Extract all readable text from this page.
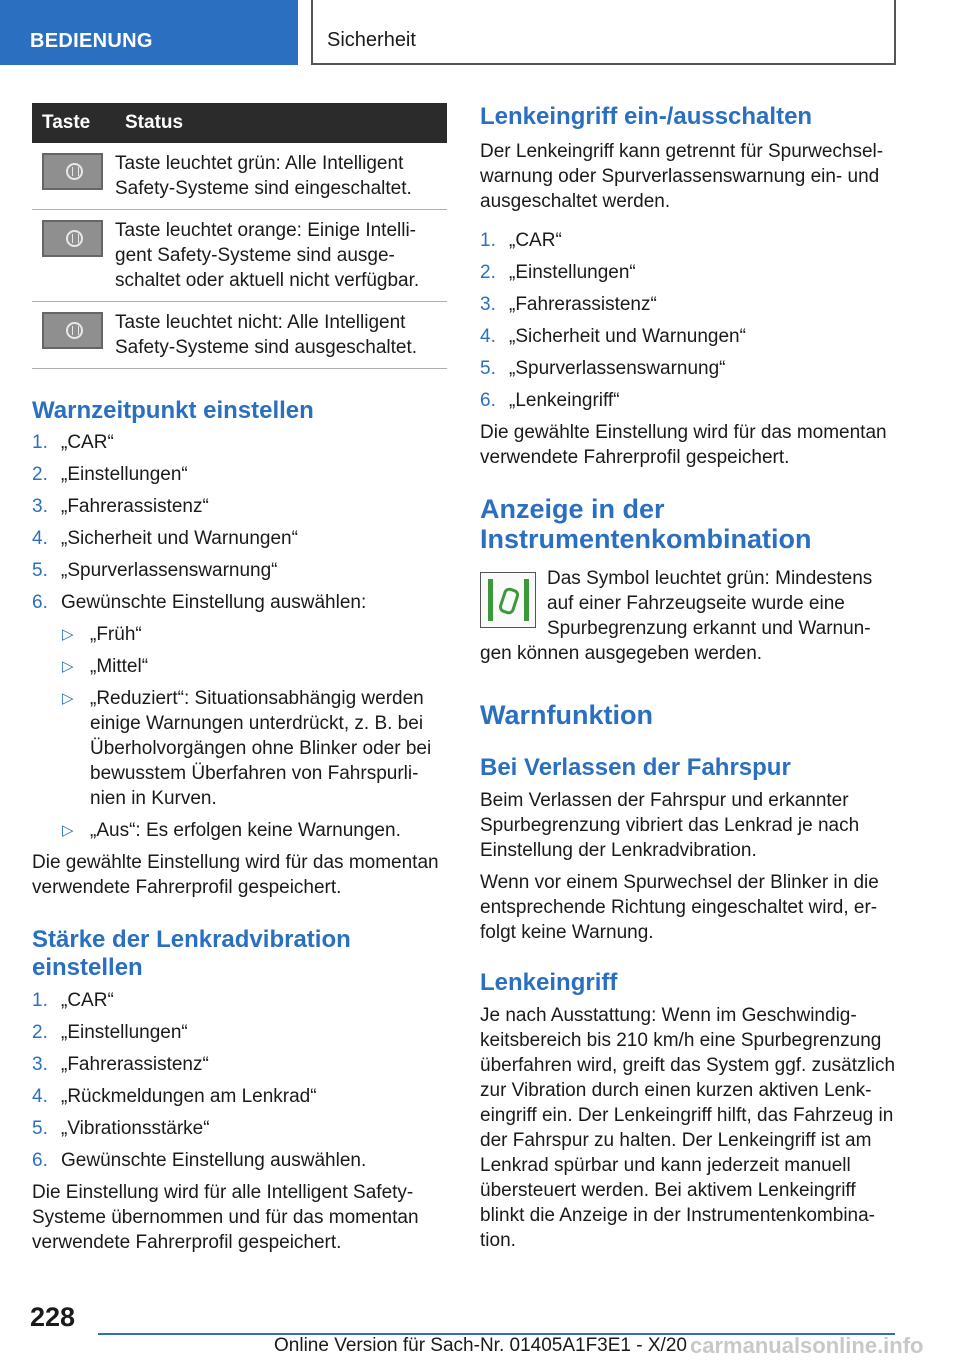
BEDIENUNG	Sicherheit
Taste	Status

	Taste leuchtet grün: Alle Intelligent Safety-Systeme sind eingeschaltet.

	Taste leuchtet orange: Einige Intelli-gent Safety-Systeme sind ausge-schaltet oder aktuell nicht verfügbar.

	Taste leuchtet nicht: Alle Intelligent Safety-Systeme sind ausgeschaltet.
Warnzeitpunkt einstellen
1. „CAR“
2. „Einstellungen“
3. „Fahrerassistenz“
4. „Sicherheit und Warnungen“
5. „Spurverlassenswarnung“
6. Gewünschte Einstellung auswählen:
▷ „Früh“
▷ „Mittel“
▷ „Reduziert“: Situationsabhängig werden einige Warnungen unterdrückt, z. B. bei Überholvorgängen ohne Blinker oder bei bewusstem Überfahren von Fahrspurli-nien in Kurven.
▷ „Aus“: Es erfolgen keine Warnungen.

Die gewählte Einstellung wird für das momentan verwendete Fahrerprofil gespeichert.

Stärke der Lenkradvibration einstellen
1. „CAR“
2. „Einstellungen“
3. „Fahrerassistenz“
4. „Rückmeldungen am Lenkrad“
5. „Vibrationsstärke“
6. Gewünschte Einstellung auswählen.

Die Einstellung wird für alle Intelligent Safety-Systeme übernommen und für das momentan verwendete Fahrerprofil gespeichert.

Lenkeingriff ein-/ausschalten

Der Lenkeingriff kann getrennt für Spurwechsel-warnung oder Spurverlassenswarnung ein- und ausgeschaltet werden.

1. „CAR“
2. „Einstellungen“
3. „Fahrerassistenz“
4. „Sicherheit und Warnungen“
5. „Spurverlassenswarnung“
6. „Lenkeingriff“

Die gewählte Einstellung wird für das momentan verwendete Fahrerprofil gespeichert.

Anzeige in der Instrumentenkombination

Das Symbol leuchtet grün: Mindestens auf einer Fahrzeugseite wurde eine Spurbegrenzung erkannt und Warnun-gen können ausgegeben werden.

Warnfunktion
Bei Verlassen der Fahrspur

Beim Verlassen der Fahrspur und erkannter Spurbegrenzung vibriert das Lenkrad je nach Einstellung der Lenkradvibration.

Wenn vor einem Spurwechsel der Blinker in die entsprechende Richtung eingeschaltet wird, er-folgt keine Warnung.

Lenkeingriff

Je nach Ausstattung: Wenn im Geschwindig-keitsbereich bis 210 km/h eine Spurbegrenzung überfahren wird, greift das System ggf. zusätzlich zur Vibration durch einen kurzen aktiven Lenk-eingriff ein. Der Lenkeingriff hilft, das Fahrzeug in der Fahrspur zu halten. Der Lenkeingriff ist am Lenkrad spürbar und kann jederzeit manuell übersteuert werden. Bei aktivem Lenkeingriff blinkt die Anzeige in der Instrumentenkombina-tion.

228
Online Version für Sach-Nr. 01405A1F3E1 - X/20 carmanualsonline.info
